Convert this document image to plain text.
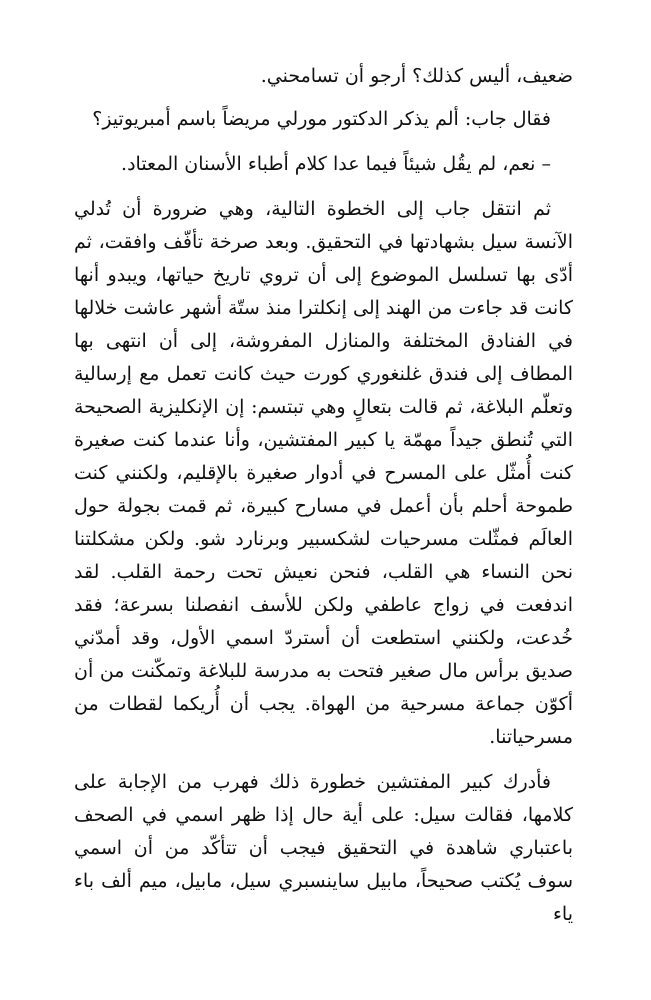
ضعيف، أليس كذلك؟ أرجو أن تسامحني.

فقال جاب: ألم يذكر الدكتور مورلي مريضاً باسم أمبريوتيز؟

– نعم، لم يقُل شيئاً فيما عدا كلام أطباء الأسنان المعتاد.

ثم انتقل جاب إلى الخطوة التالية، وهي ضرورة أن تُدلي الآنسة سيل بشهادتها في التحقيق. وبعد صرخة تأفّف وافقت، ثم أدّى بها تسلسل الموضوع إلى أن تروي تاريخ حياتها، ويبدو أنها كانت قد جاءت من الهند إلى إنكلترا منذ ستّة أشهر عاشت خلالها في الفنادق المختلفة والمنازل المفروشة، إلى أن انتهى بها المطاف إلى فندق غلنغوري كورت حيث كانت تعمل مع إرسالية وتعلّم البلاغة، ثم قالت بتعالٍ وهي تبتسم: إن الإنكليزية الصحيحة التي تُنطق جيداً مهمّة يا كبير المفتشين، وأنا عندما كنت صغيرة كنت أُمثّل على المسرح في أدوار صغيرة بالإقليم، ولكنني كنت طموحة أحلم بأن أعمل في مسارح كبيرة، ثم قمت بجولة حول العالَم فمثّلت مسرحيات لشكسبير وبرنارد شو. ولكن مشكلتنا نحن النساء هي القلب، فنحن نعيش تحت رحمة القلب. لقد اندفعت في زواج عاطفي ولكن للأسف انفصلنا بسرعة؛ فقد خُدعت، ولكنني استطعت أن أستردّ اسمي الأول، وقد أمدّني صديق برأس مال صغير فتحت به مدرسة للبلاغة وتمكّنت من أن أكوّن جماعة مسرحية من الهواة. يجب أن أُريكما لقطات من مسرحياتنا.

فأدرك كبير المفتشين خطورة ذلك فهرب من الإجابة على كلامها، فقالت سيل: على أية حال إذا ظهر اسمي في الصحف باعتباري شاهدة في التحقيق فيجب أن تتأكّد من أن اسمي سوف يُكتب صحيحاً، مابيل ساينسبري سيل، مابيل، ميم ألف باء ياء
